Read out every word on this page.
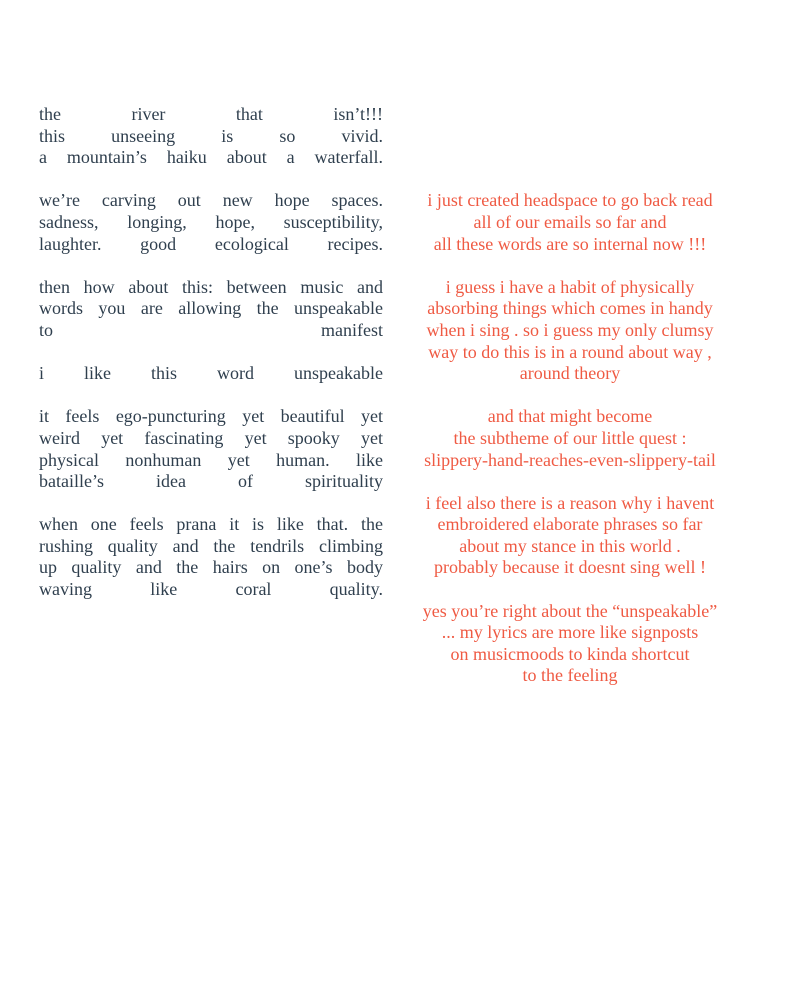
the river that isn’t!!!
this unseeing is so vivid.
a mountain’s haiku about a waterfall.
we’re carving out new hope spaces.
sadness, longing, hope, susceptibility,
laughter. good ecological recipes.
then how about this: between music and
words you are allowing the unspeakable
to manifest
i like this word unspeakable
it feels ego-puncturing yet beautiful yet
weird yet fascinating yet spooky yet
physical nonhuman yet human. like
bataille’s idea of spirituality
when one feels prana it is like that. the
rushing quality and the tendrils climbing
up quality and the hairs on one’s body
waving like coral quality.
i just created headspace to go back read
all of our emails so far and
all these words are so internal now !!!
i guess i have a habit of physically
absorbing things which comes in handy
when i sing . so i guess my only clumsy
way to do this is in a round about way ,
around theory
and that might become
the subtheme of our little quest :
slippery-hand-reaches-even-slippery-tail
i feel also there is a reason why i havent
embroidered elaborate phrases so far
about my stance in this world .
probably because it doesnt sing well !
yes you’re right about the “unspeakable”
... my lyrics are more like signposts
on musicmoods to kinda shortcut
to the feeling
